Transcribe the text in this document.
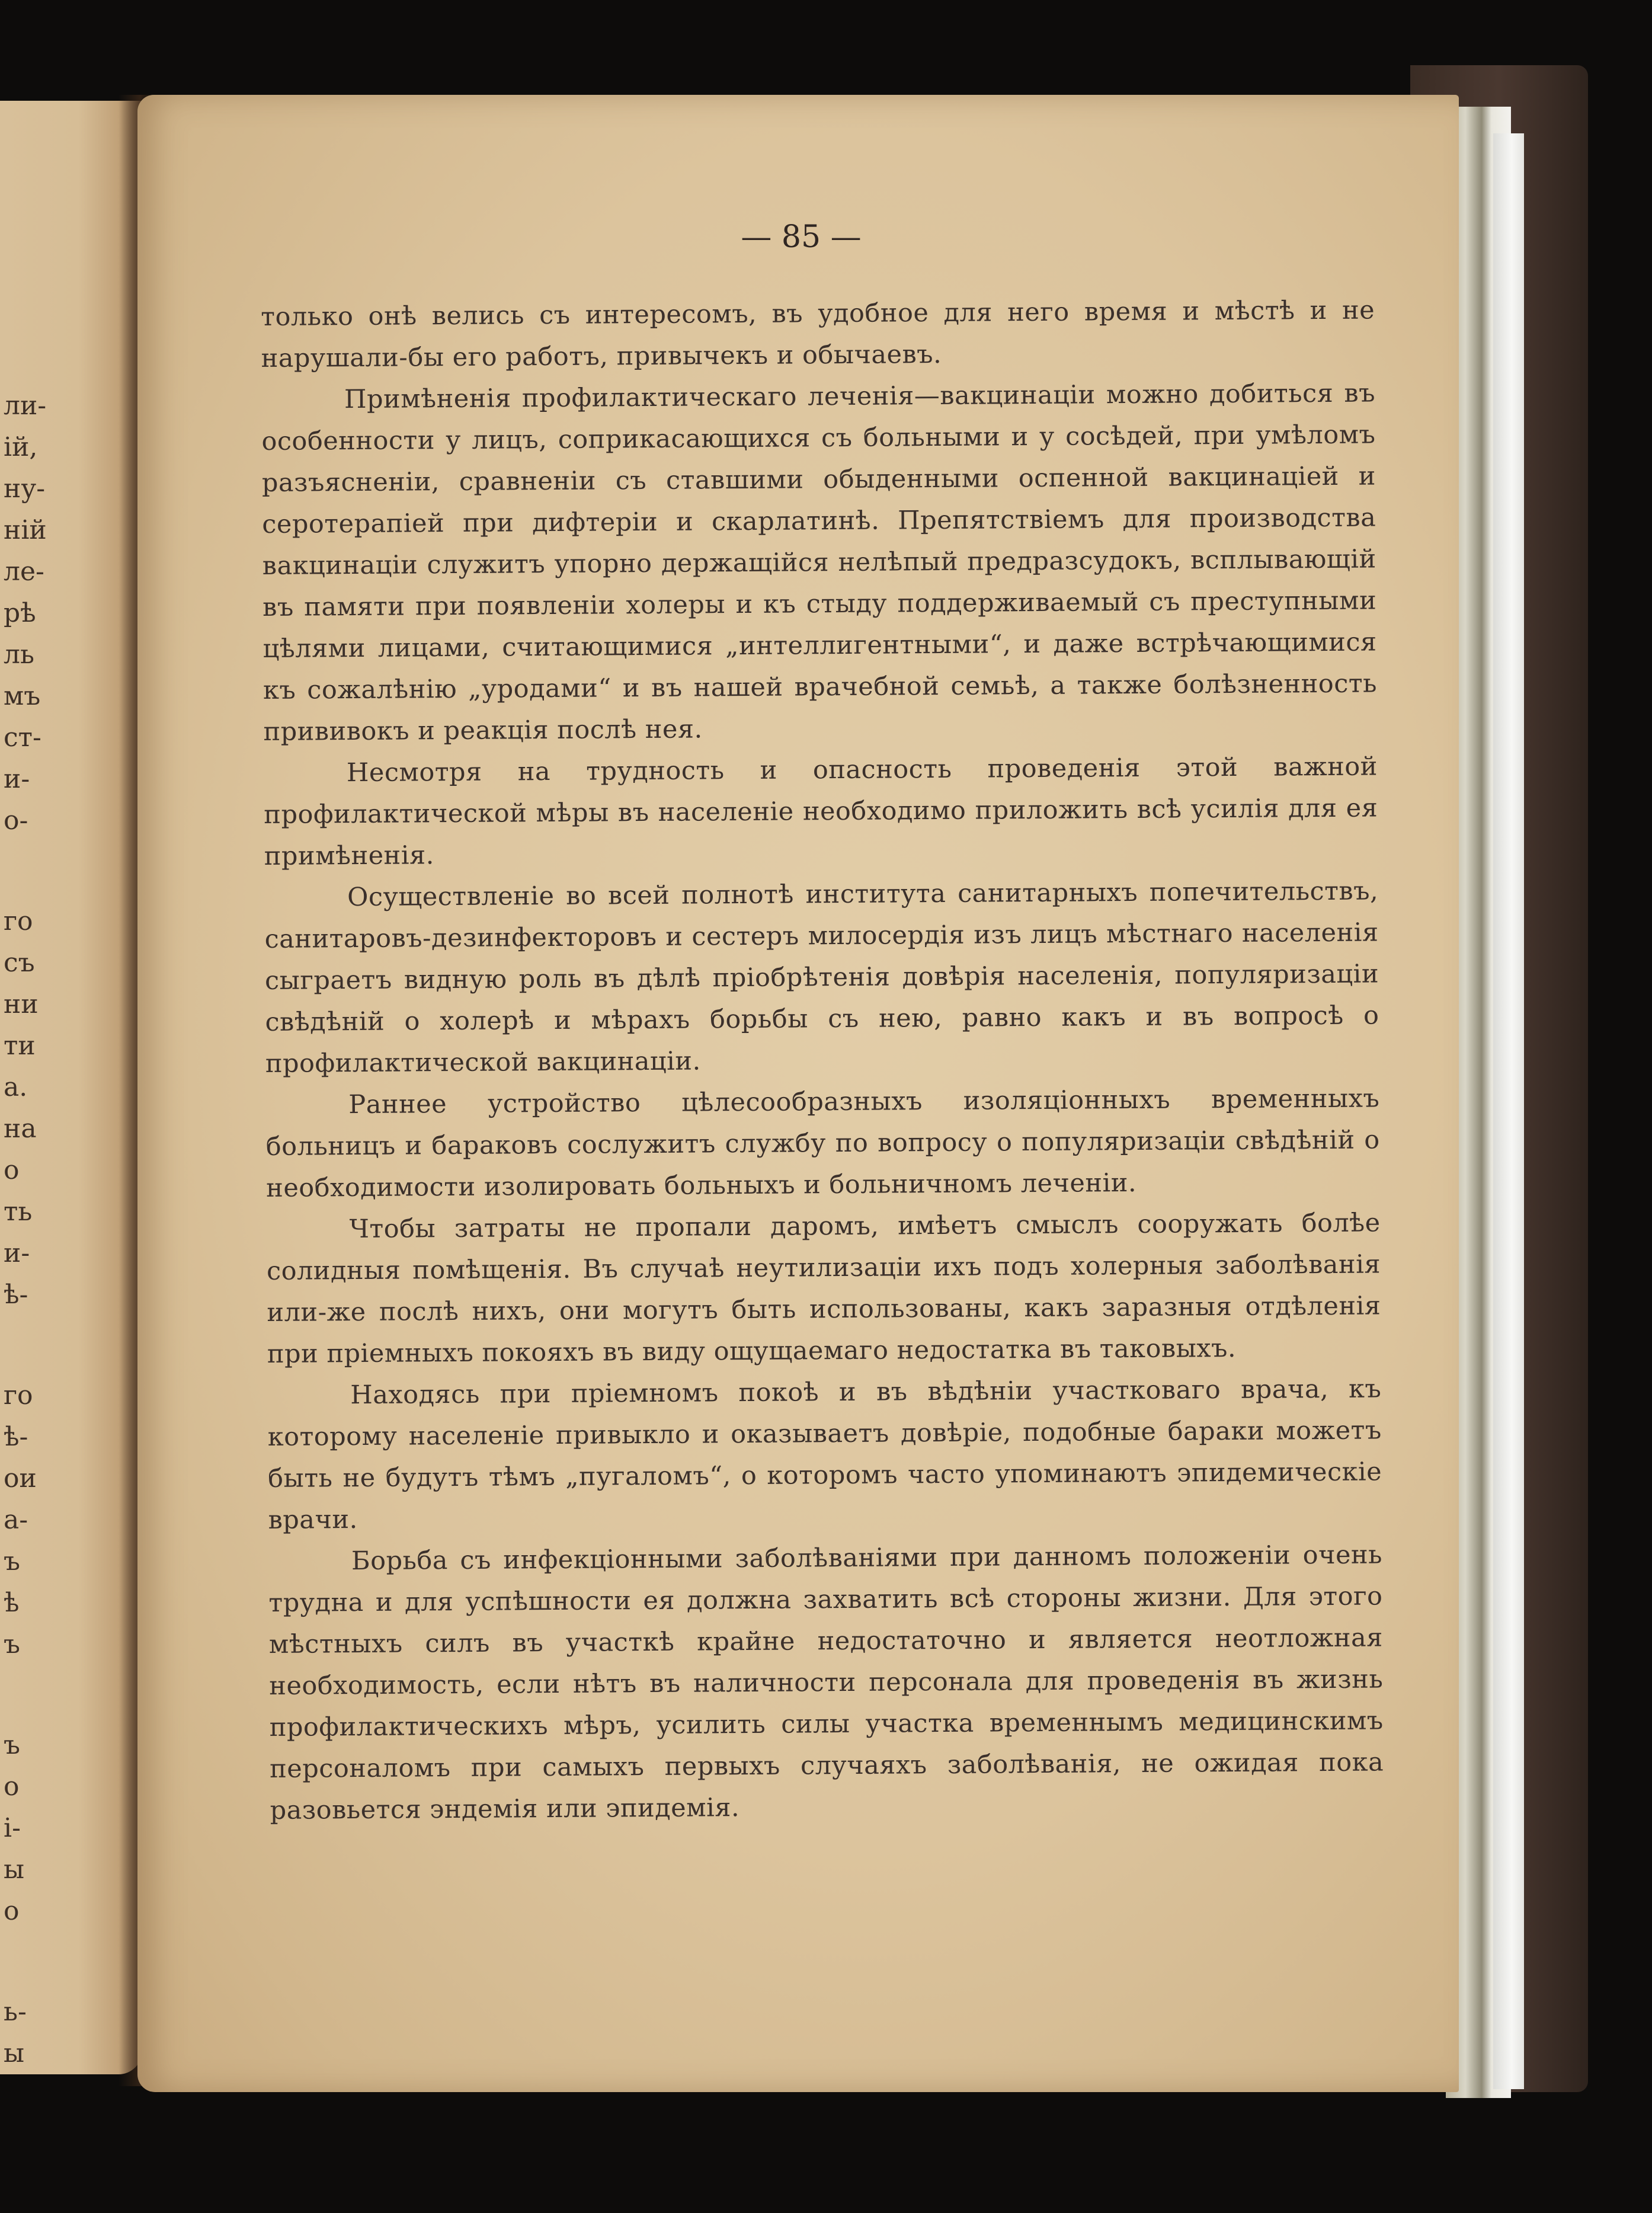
ли-
ій,
ну-
ній
ле-
рѣ
ль
мъ
ст-
и-
о-
го
съ
ни
ти
а.
на
о
ть
и-
ѣ-
го
ѣ-
ои
а-
ъ
ѣ
ъ
ъ
о
і-
ы
о
ь-
ы
— 85 —

только онѣ велись съ интересомъ, въ удобное для него время и мѣстѣ и не нарушали-бы его работъ, привычекъ и обычаевъ.

Примѣненія профилактическаго леченія—вакцинаціи можно добиться въ особенности у лицъ, соприкасающихся съ больными и у сосѣдей, при умѣломъ разъясненіи, сравненіи съ ставшими обыденными оспенной вакцинаціей и серотерапіей при дифтеріи и скарлатинѣ. Препятствіемъ для производства вакцинаціи служитъ упорно держащійся нелѣпый предразсудокъ, всплывающій въ памяти при появленіи холеры и къ стыду поддерживаемый съ преступными цѣлями лицами, считающимися „интеллигентными“, и даже встрѣчающимися къ сожалѣнію „уродами“ и въ нашей врачебной семьѣ, а также болѣзненность прививокъ и реакція послѣ нея.

Несмотря на трудность и опасность проведенія этой важной профилактической мѣры въ населеніе необходимо приложить всѣ усилія для ея примѣненія.

Осуществленіе во всей полнотѣ института санитарныхъ попечительствъ, санитаровъ-дезинфекторовъ и сестеръ милосердія изъ лицъ мѣстнаго населенія сыграетъ видную роль въ дѣлѣ пріобрѣтенія довѣрія населенія, популяризаціи свѣдѣній о холерѣ и мѣрахъ борьбы съ нею, равно какъ и въ вопросѣ о профилактической вакцинаціи.

Раннее устройство цѣлесообразныхъ изоляціонныхъ временныхъ больницъ и бараковъ сослужитъ службу по вопросу о популяризаціи свѣдѣній о необходимости изолировать больныхъ и больничномъ леченіи.

Чтобы затраты не пропали даромъ, имѣетъ смыслъ сооружать болѣе солидныя помѣщенія. Въ случаѣ неутилизаціи ихъ подъ холерныя заболѣванія или-же послѣ нихъ, они могутъ быть использованы, какъ заразныя отдѣленія при пріемныхъ покояхъ въ виду ощущаемаго недостатка въ таковыхъ.

Находясь при пріемномъ покоѣ и въ вѣдѣніи участковаго врача, къ которому населеніе привыкло и оказываетъ довѣріе, подобные бараки можетъ быть не будутъ тѣмъ „пугаломъ“, о которомъ часто упоминаютъ эпидемическіе врачи.

Борьба съ инфекціонными заболѣваніями при данномъ положеніи очень трудна и для успѣшности ея должна захватить всѣ стороны жизни. Для этого мѣстныхъ силъ въ участкѣ крайне недостаточно и является неотложная необходимость, если нѣтъ въ наличности персонала для проведенія въ жизнь профилактическихъ мѣръ, усилить силы участка временнымъ медицинскимъ персоналомъ при самыхъ первыхъ случаяхъ заболѣванія, не ожидая пока разовьется эндемія или эпидемія.
